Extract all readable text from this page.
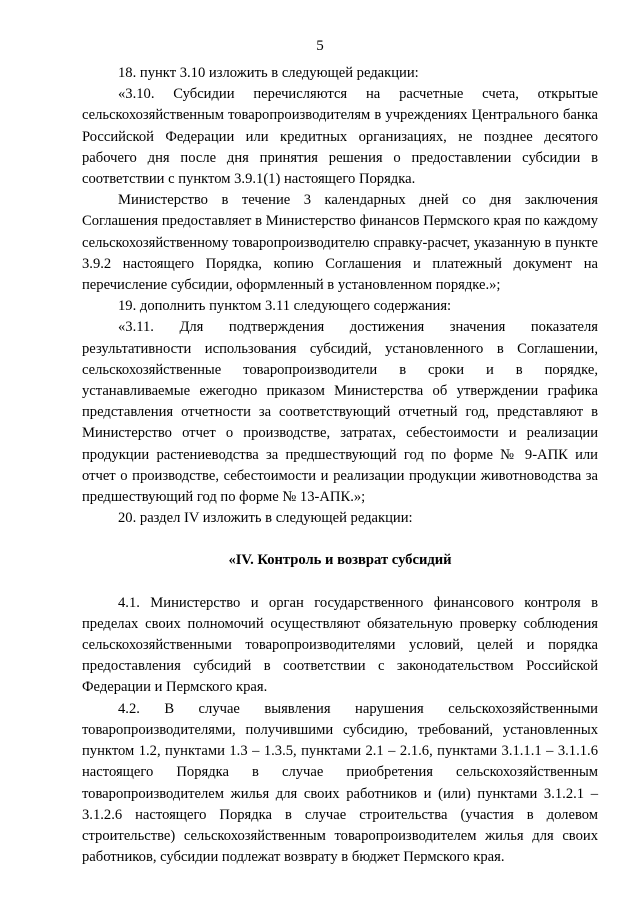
5

18. пункт 3.10 изложить в следующей редакции:

«3.10. Субсидии перечисляются на расчетные счета, открытые сельскохозяйственным товаропроизводителям в учреждениях Центрального банка Российской Федерации или кредитных организациях, не позднее десятого рабочего дня после дня принятия решения о предоставлении субсидии в соответствии с пунктом 3.9.1(1) настоящего Порядка.

Министерство в течение 3 календарных дней со дня заключения Соглашения предоставляет в Министерство финансов Пермского края по каждому сельскохозяйственному товаропроизводителю справку-расчет, указанную в пункте 3.9.2 настоящего Порядка, копию Соглашения и платежный документ на перечисление субсидии, оформленный в установленном порядке.»;

19. дополнить пунктом 3.11 следующего содержания:

«3.11. Для подтверждения достижения значения показателя результативности использования субсидий, установленного в Соглашении, сельскохозяйственные товаропроизводители в сроки и в порядке, устанавливаемые ежегодно приказом Министерства об утверждении графика представления отчетности за соответствующий отчетный год, представляют в Министерство отчет о производстве, затратах, себестоимости и реализации продукции растениеводства за предшествующий год по форме № 9-АПК или отчет о производстве, себестоимости и реализации продукции животноводства за предшествующий год по форме № 13-АПК.»;

20. раздел IV изложить в следующей редакции:

«IV. Контроль и возврат субсидий

4.1. Министерство и орган государственного финансового контроля в пределах своих полномочий осуществляют обязательную проверку соблюдения сельскохозяйственными товаропроизводителями условий, целей и порядка предоставления субсидий в соответствии с законодательством Российской Федерации и Пермского края.

4.2. В случае выявления нарушения сельскохозяйственными товаропроизводителями, получившими субсидию, требований, установленных пунктом 1.2, пунктами 1.3 – 1.3.5, пунктами 2.1 – 2.1.6, пунктами 3.1.1.1 – 3.1.1.6 настоящего Порядка в случае приобретения сельскохозяйственным товаропроизводителем жилья для своих работников и (или) пунктами 3.1.2.1 – 3.1.2.6 настоящего Порядка в случае строительства (участия в долевом строительстве) сельскохозяйственным товаропроизводителем жилья для своих работников, субсидии подлежат возврату в бюджет Пермского края.
